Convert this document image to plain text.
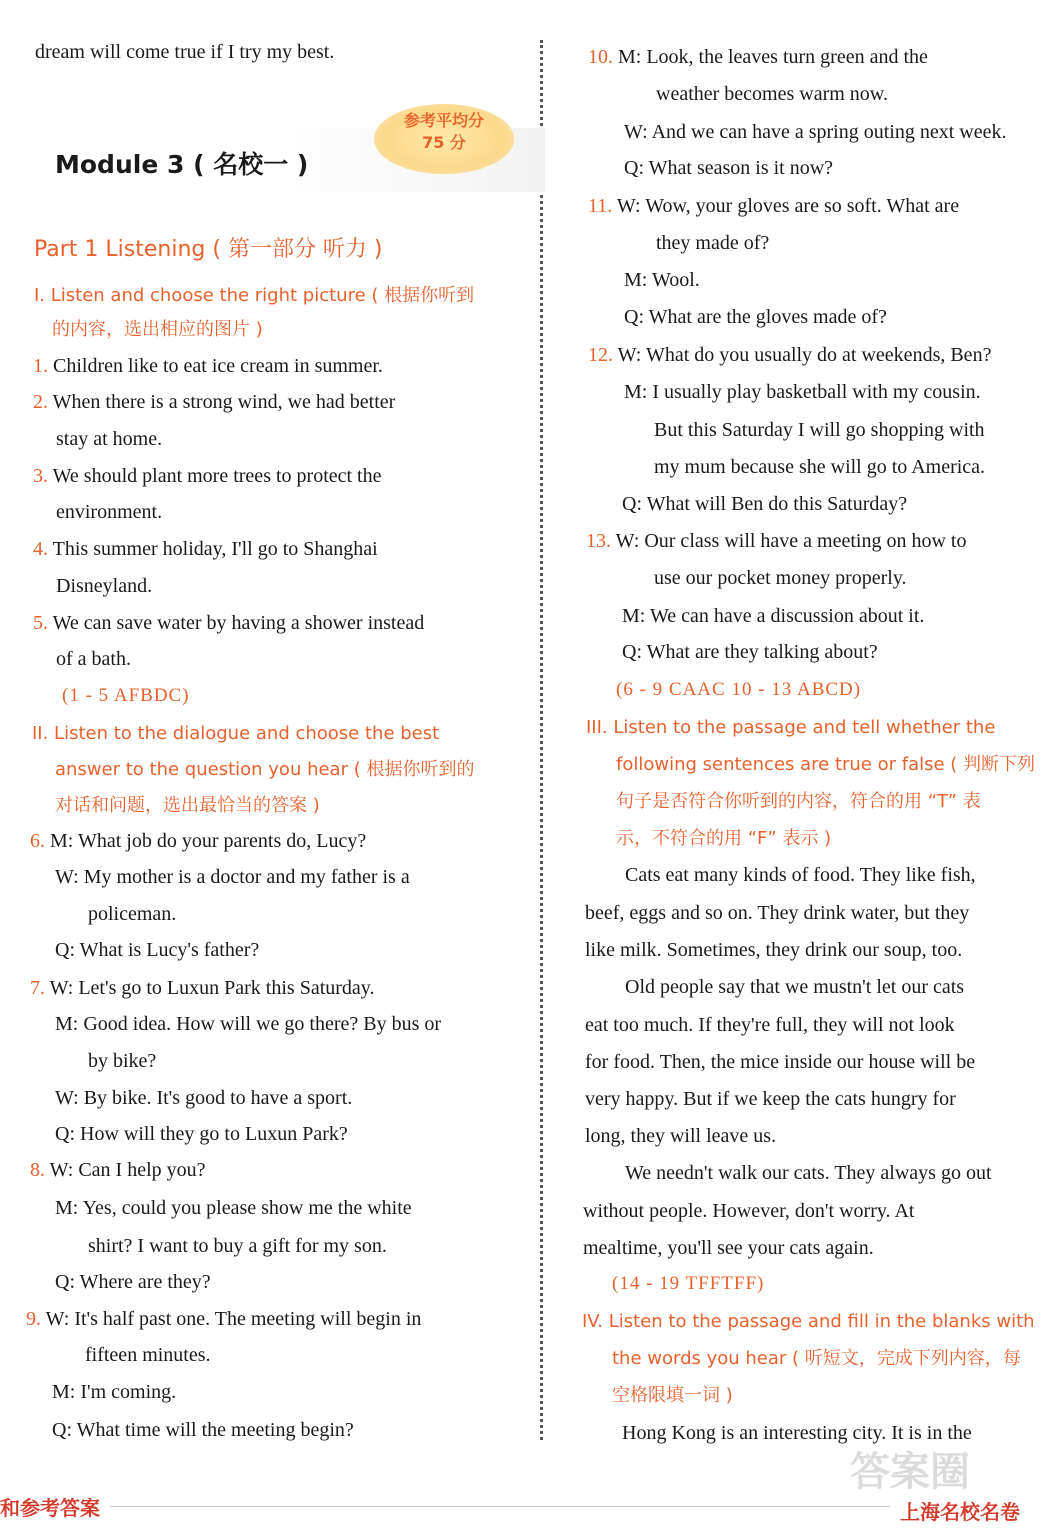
dream will come true if I try my best.
Module 3 ( 名校一 )
参考平均分
75 分
Part 1 Listening ( 第一部分 听力 )
I. Listen and choose the right picture ( 根据你听到
的内容，选出相应的图片 )
1. Children like to eat ice cream in summer.
2. When there is a strong wind, we had better
stay at home.
3. We should plant more trees to protect the
environment.
4. This summer holiday, I'll go to Shanghai
Disneyland.
5. We can save water by having a shower instead
of a bath.
(1 - 5 AFBDC)
II. Listen to the dialogue and choose the best
answer to the question you hear ( 根据你听到的
对话和问题，选出最恰当的答案 )
6. M: What job do your parents do, Lucy?
W: My mother is a doctor and my father is a
policeman.
Q: What is Lucy's father?
7. W: Let's go to Luxun Park this Saturday.
M: Good idea. How will we go there? By bus or
by bike?
W: By bike. It's good to have a sport.
Q: How will they go to Luxun Park?
8. W: Can I help you?
M: Yes, could you please show me the white
shirt? I want to buy a gift for my son.
Q: Where are they?
9. W: It's half past one. The meeting will begin in
fifteen minutes.
M: I'm coming.
Q: What time will the meeting begin?
10. M: Look, the leaves turn green and the
weather becomes warm now.
W: And we can have a spring outing next week.
Q: What season is it now?
11. W: Wow, your gloves are so soft. What are
they made of?
M: Wool.
Q: What are the gloves made of?
12. W: What do you usually do at weekends, Ben?
M: I usually play basketball with my cousin.
But this Saturday I will go shopping with
my mum because she will go to America.
Q: What will Ben do this Saturday?
13. W: Our class will have a meeting on how to
use our pocket money properly.
M: We can have a discussion about it.
Q: What are they talking about?
(6 - 9 CAAC 10 - 13 ABCD)
III. Listen to the passage and tell whether the
following sentences are true or false ( 判断下列
句子是否符合你听到的内容，符合的用 “T” 表
示，不符合的用 “F” 表示 )
Cats eat many kinds of food. They like fish,
beef, eggs and so on. They drink water, but they
like milk. Sometimes, they drink our soup, too.
Old people say that we mustn't let our cats
eat too much. If they're full, they will not look
for food. Then, the mice inside our house will be
very happy. But if we keep the cats hungry for
long, they will leave us.
We needn't walk our cats. They always go out
without people. However, don't worry. At
mealtime, you'll see your cats again.
(14 - 19 TFFTFF)
IV. Listen to the passage and fill in the blanks with
the words you hear ( 听短文，完成下列内容，每
空格限填一词 )
Hong Kong is an interesting city. It is in the
和参考答案
答案圈
上海名校名卷
